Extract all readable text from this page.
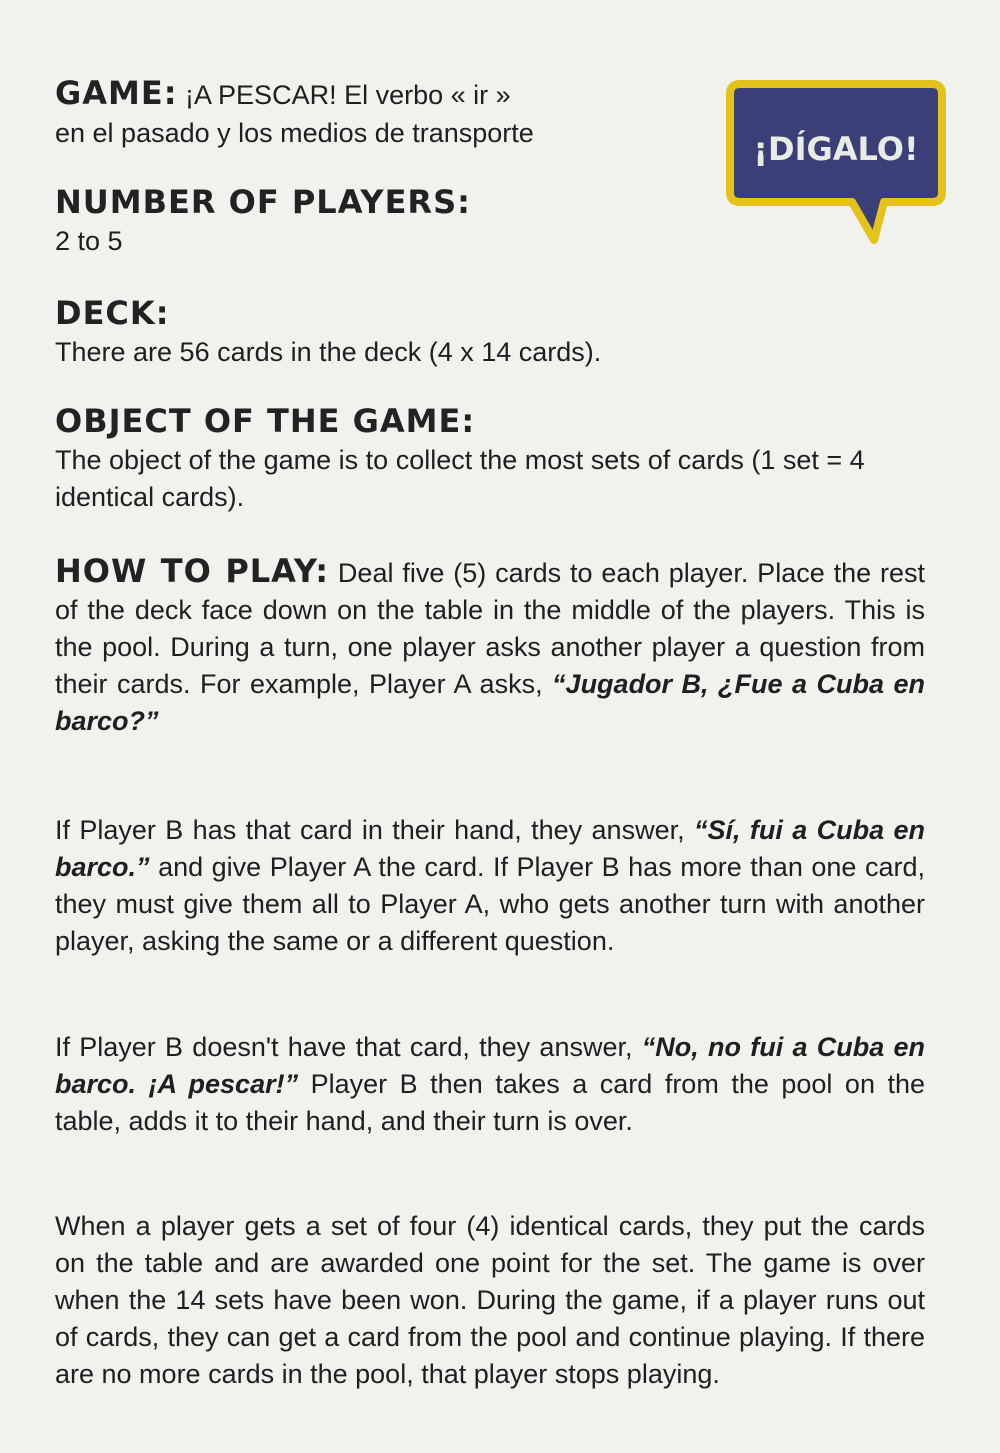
GAME: ¡A PESCAR! El verbo « ir »
en el pasado y los medios de transporte	¡DÍGALO!
NUMBER OF PLAYERS:
2 to 5
DECK:
There are 56 cards in the deck (4 x 14 cards).
OBJECT OF THE GAME:
The object of the game is to collect the most sets of cards (1 set = 4 identical cards).
HOW TO PLAY: Deal five (5) cards to each player. Place the rest of the deck face down on the table in the middle of the players. This is the pool. During a turn, one player asks another player a question from their cards. For example, Player A asks, “Jugador B, ¿Fue a Cuba en barco?”
If Player B has that card in their hand, they answer, “Sí, fui a Cuba en barco.” and give Player A the card. If Player B has more than one card, they must give them all to Player A, who gets another turn with another player, asking the same or a different question.
If Player B doesn't have that card, they answer, “No, no fui a Cuba en barco. ¡A pescar!” Player B then takes a card from the pool on the table, adds it to their hand, and their turn is over.
When a player gets a set of four (4) identical cards, they put the cards on the table and are awarded one point for the set. The game is over when the 14 sets have been won. During the game, if a player runs out of cards, they can get a card from the pool and continue playing. If there are no more cards in the pool, that player stops playing.
